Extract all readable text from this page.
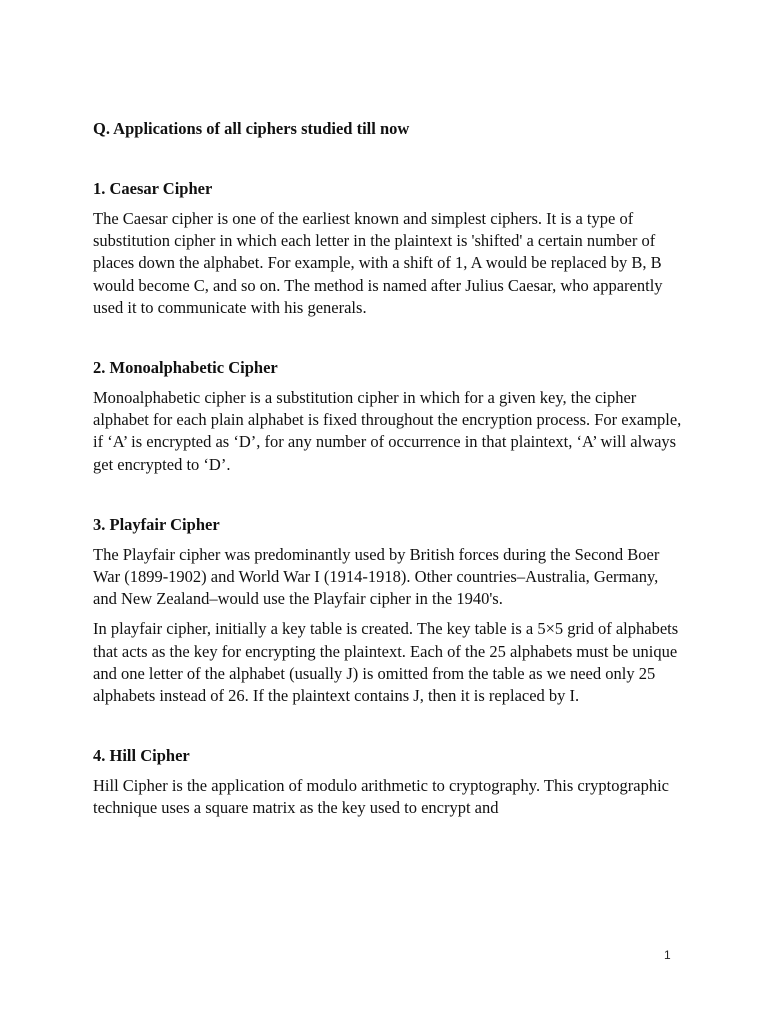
Q. Applications of all ciphers studied till now
1. Caesar Cipher

The Caesar cipher is one of the earliest known and simplest ciphers. It is a type of substitution cipher in which each letter in the plaintext is 'shifted' a certain number of places down the alphabet. For example, with a shift of 1, A would be replaced by B, B would become C, and so on. The method is named after Julius Caesar, who apparently used it to communicate with his generals.

2. Monoalphabetic Cipher

Monoalphabetic cipher is a substitution cipher in which for a given key, the cipher alphabet for each plain alphabet is fixed throughout the encryption process. For example, if ‘A’ is encrypted as ‘D’, for any number of occurrence in that plaintext, ‘A’ will always get encrypted to ‘D’.

3. Playfair Cipher

The Playfair cipher was predominantly used by British forces during the Second Boer War (1899-1902) and World War I (1914-1918). Other countries–Australia, Germany, and New Zealand–would use the Playfair cipher in the 1940's.

In playfair cipher, initially a key table is created. The key table is a 5×5 grid of alphabets that acts as the key for encrypting the plaintext. Each of the 25 alphabets must be unique and one letter of the alphabet (usually J) is omitted from the table as we need only 25 alphabets instead of 26. If the plaintext contains J, then it is replaced by I.

4. Hill Cipher

Hill Cipher is the application of modulo arithmetic to cryptography. This cryptographic technique uses a square matrix as the key used to encrypt and

1
